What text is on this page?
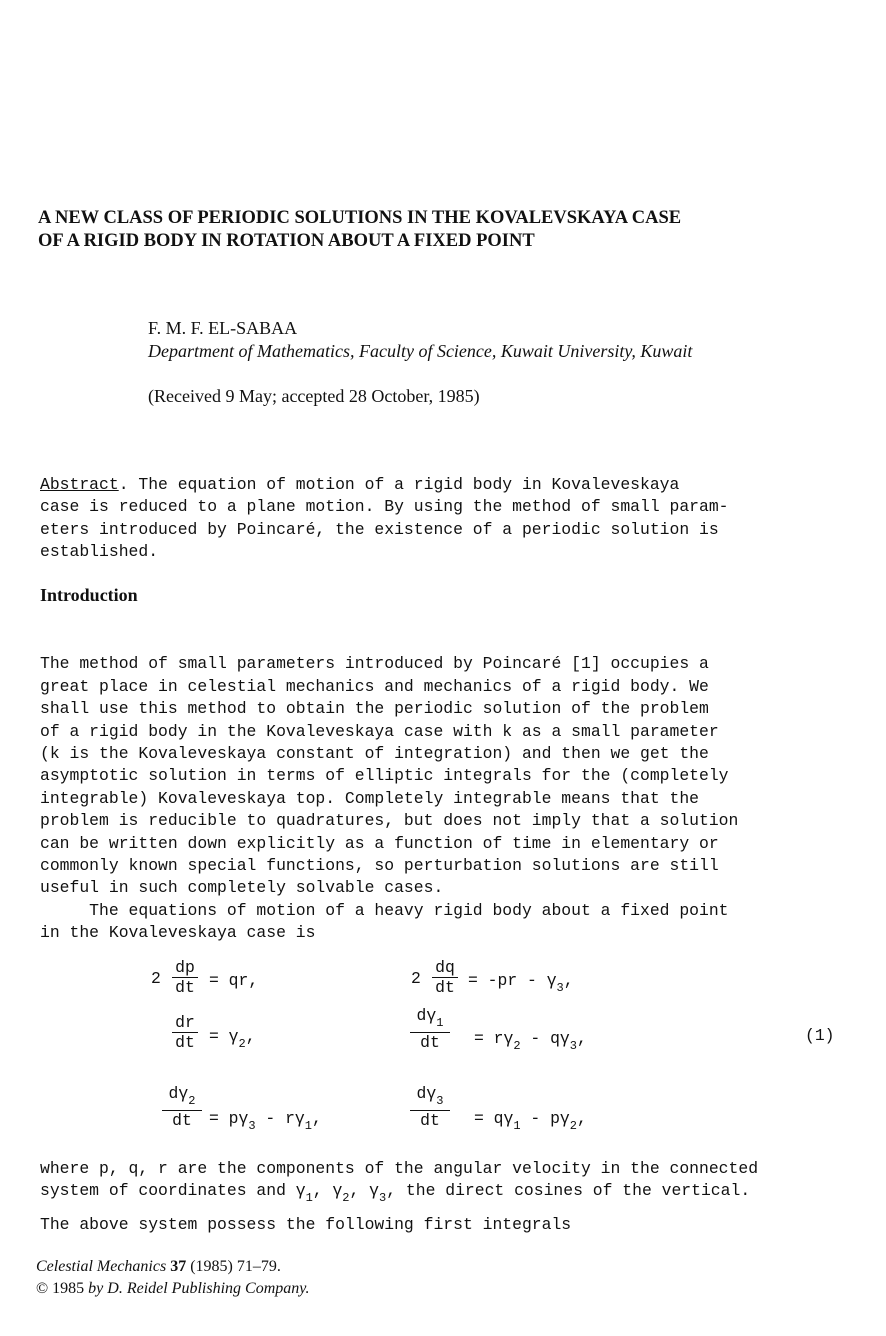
A NEW CLASS OF PERIODIC SOLUTIONS IN THE KOVALEVSKAYA CASE
OF A RIGID BODY IN ROTATION ABOUT A FIXED POINT
F. M. F. EL-SABAA
Department of Mathematics, Faculty of Science, Kuwait University, Kuwait
(Received 9 May; accepted 28 October, 1985)
Abstract. The equation of motion of a rigid body in Kovaleveskaya
case is reduced to a plane motion. By using the method of small param-
eters introduced by Poincaré, the existence of a periodic solution is
established.
Introduction

The method of small parameters introduced by Poincaré [1] occupies a
great place in celestial mechanics and mechanics of a rigid body. We
shall use this method to obtain the periodic solution of the problem
of a rigid body in the Kovaleveskaya case with k as a small parameter
(k is the Kovaleveskaya constant of integration) and then we get the
asymptotic solution in terms of elliptic integrals for the (completely
integrable) Kovaleveskaya top. Completely integrable means that the
problem is reducible to quadratures, but does not imply that a solution
can be written down explicitly as a function of time in elementary or
commonly known special functions, so perturbation solutions are still
useful in such completely solvable cases.
The equations of motion of a heavy rigid body about a fixed point
in the Kovaleveskaya case is

$2 \frac{dp}{dt}$ = qr,	$2 \frac{dq}{dt} = -pr - \gamma_3$,
$\frac{dr}{dt} = \gamma_2$,	$\frac{d\gamma_1}{dt} = r\gamma_2 - q\gamma_3$,	(1)
$\frac{d\gamma_2}{dt} = p\gamma_3 - r\gamma_1$,	$\frac{d\gamma_3}{dt} = q\gamma_1 - p\gamma_2$,
where p, q, r are the components of the angular velocity in the connected
system of coordinates and $\gamma_1$, $\gamma_2$, $\gamma_3$, the direct cosines of the vertical.
The above system possess the following first integrals
Celestial Mechanics 37 (1985) 71–79.
© 1985 by D. Reidel Publishing Company.
